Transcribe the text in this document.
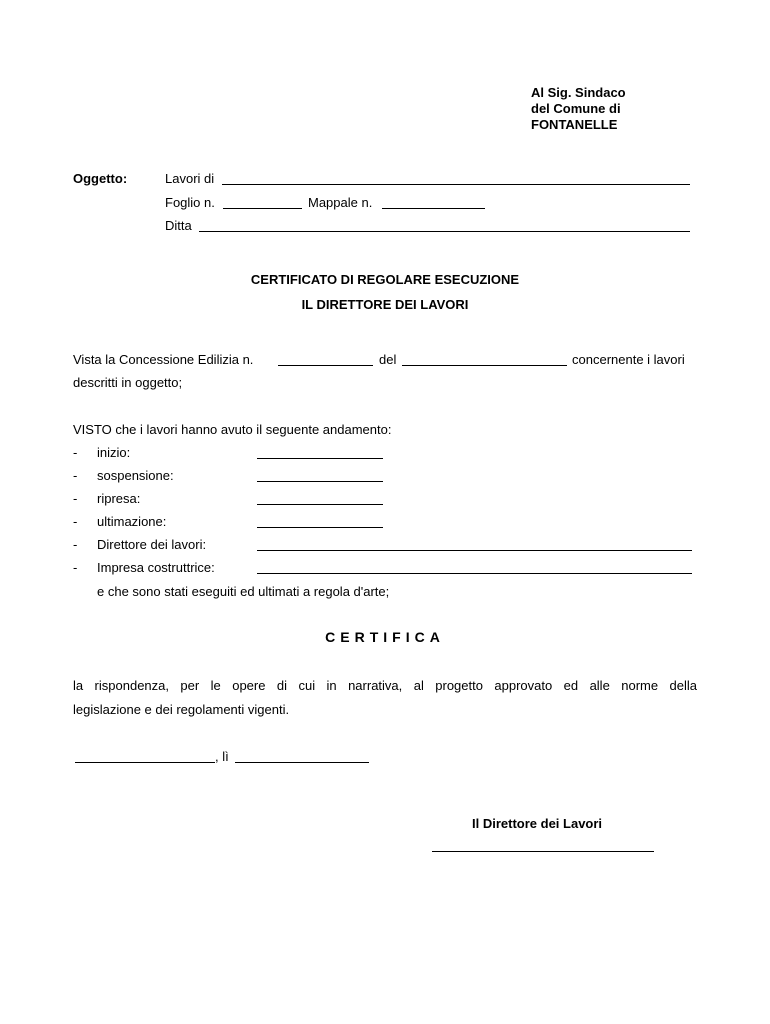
Al Sig. Sindaco
del Comune di
FONTANELLE
Oggetto:	Lavori di
Foglio n.	Mappale n.
Ditta
CERTIFICATO DI REGOLARE ESECUZIONE
IL DIRETTORE DEI LAVORI
Vista la Concessione Edilizia n.	del	concernente i lavori
descritti in oggetto;
VISTO che i lavori hanno avuto il seguente andamento:
- inizio:
- sospensione:
- ripresa:
- ultimazione:
- Direttore dei lavori:
- Impresa costruttrice:
e che sono stati eseguiti ed ultimati a regola d'arte;
CERTIFICA
la rispondenza, per le opere di cui in narrativa, al progetto approvato ed alle norme della
legislazione e dei regolamenti vigenti.
, lì
Il Direttore dei Lavori
